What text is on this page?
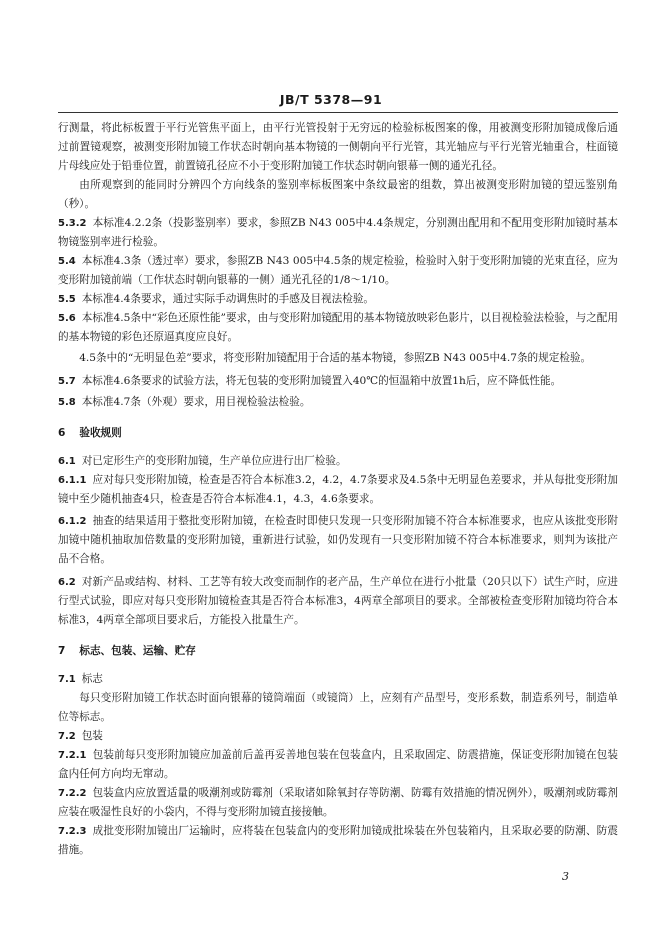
JB/T 5378—91

行测量，将此标板置于平行光管焦平面上，由平行光管投射于无穷远的检验标板图案的像，用被测变形附加镜成像后通过前置镜观察，被测变形附加镜工作状态时朝向基本物镜的一侧朝向平行光管，其光轴应与平行光管光轴重合，柱面镜片母线应处于铅垂位置，前置镜孔径应不小于变形附加镜工作状态时朝向银幕一侧的通光孔径。

由所观察到的能同时分辨四个方向线条的鉴别率标板图案中条纹最密的组数，算出被测变形附加镜的望远鉴别角（秒）。

5.3.2 本标准4.2.2条（投影鉴别率）要求，参照ZB N43 005中4.4条规定，分别测出配用和不配用变形附加镜时基本物镜鉴别率进行检验。

5.4 本标准4.3条（透过率）要求，参照ZB N43 005中4.5条的规定检验，检验时入射于变形附加镜的光束直径，应为变形附加镜前端（工作状态时朝向银幕的一侧）通光孔径的1/8～1/10。

5.5 本标准4.4条要求，通过实际手动调焦时的手感及目视法检验。

5.6 本标准4.5条中“彩色还原性能”要求，由与变形附加镜配用的基本物镜放映彩色影片，以目视检验法检验，与之配用的基本物镜的彩色还原逼真度应良好。

4.5条中的“无明显色差”要求，将变形附加镜配用于合适的基本物镜，参照ZB N43 005中4.7条的规定检验。

5.7 本标准4.6条要求的试验方法，将无包装的变形附加镜置入40℃的恒温箱中放置1h后，应不降低性能。

5.8 本标准4.7条（外观）要求，用目视检验法检验。

6 验收规则

6.1 对已定形生产的变形附加镜，生产单位应进行出厂检验。

6.1.1 应对每只变形附加镜，检查是否符合本标准3.2，4.2，4.7条要求及4.5条中无明显色差要求，并从每批变形附加镜中至少随机抽查4只，检查是否符合本标准4.1，4.3，4.6条要求。

6.1.2 抽查的结果适用于整批变形附加镜，在检查时即使只发现一只变形附加镜不符合本标准要求，也应从该批变形附加镜中随机抽取加倍数量的变形附加镜，重新进行试验，如仍发现有一只变形附加镜不符合本标准要求，则判为该批产品不合格。

6.2 对新产品或结构、材料、工艺等有较大改变而制作的老产品，生产单位在进行小批量（20只以下）试生产时，应进行型式试验，即应对每只变形附加镜检查其是否符合本标准3，4两章全部项目的要求。全部被检查变形附加镜均符合本标准3，4两章全部项目要求后，方能投入批量生产。

7 标志、包装、运输、贮存

7.1 标志

每只变形附加镜工作状态时面向银幕的镜筒端面（或镜筒）上，应刻有产品型号，变形系数，制造系列号，制造单位等标志。

7.2 包装

7.2.1 包装前每只变形附加镜应加盖前后盖再妥善地包装在包装盒内，且采取固定、防震措施，保证变形附加镜在包装盒内任何方向均无窜动。

7.2.2 包装盒内应放置适量的吸潮剂或防霉剂（采取诸如除氧封存等防潮、防霉有效措施的情况例外），吸潮剂或防霉剂应装在吸湿性良好的小袋内，不得与变形附加镜直接接触。

7.2.3 成批变形附加镜出厂运输时，应将装在包装盒内的变形附加镜成批垛装在外包装箱内，且采取必要的防潮、防震措施。

3
